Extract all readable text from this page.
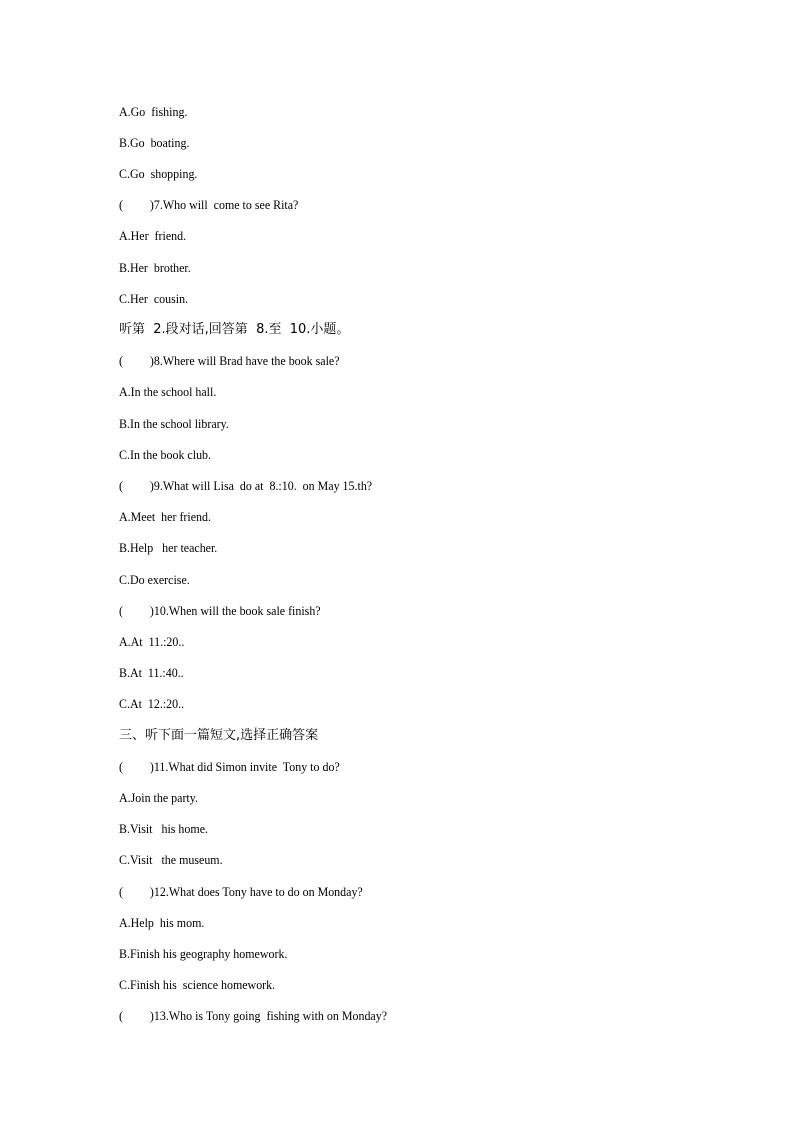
A.Go  fishing.
B.Go  boating.
C.Go  shopping.
(         )7.Who will  come to see Rita?
A.Her  friend.
B.Her  brother.
C.Her  cousin.
听第  2.段对话,回答第  8.至  10.小题。
(         )8.Where will Brad have the book sale?
A.In the school hall.
B.In the school library.
C.In the book club.
(         )9.What will Lisa  do at  8.:10.  on May 15.th?
A.Meet  her friend.
B.Help   her teacher.
C.Do exercise.
(         )10.When will the book sale finish?
A.At  11.:20..
B.At  11.:40..
C.At  12.:20..
三、听下面一篇短文,选择正确答案
(         )11.What did Simon invite  Tony to do?
A.Join the party.
B.Visit   his home.
C.Visit   the museum.
(         )12.What does Tony have to do on Monday?
A.Help  his mom.
B.Finish his geography homework.
C.Finish his  science homework.
(         )13.Who is Tony going  fishing with on Monday?
